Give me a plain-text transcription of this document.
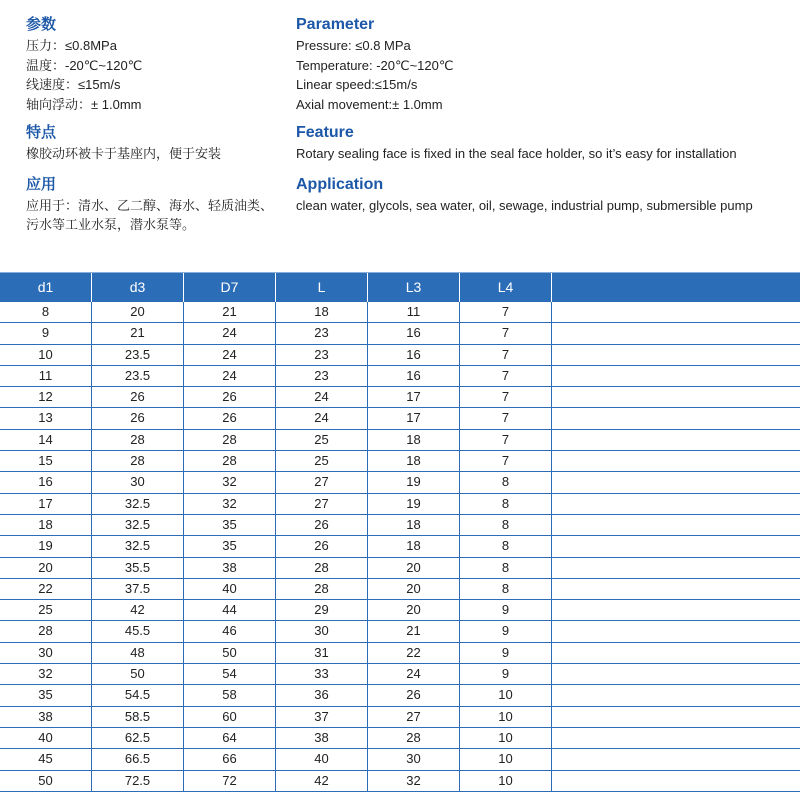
参数
压力：≤0.8MPa
温度：-20℃~120℃
线速度：≤15m/s
轴向浮动：± 1.0mm
特点
橡胶动环被卡于基座内，便于安装
应用
应用于：清水、乙二醇、海水、轻质油类、
污水等工业水泵，潜水泵等。
Parameter
Pressure: ≤0.8 MPa
Temperature: -20℃~120℃
Linear speed:≤15m/s
Axial movement:± 1.0mm
Feature
Rotary sealing face is fixed in the seal face holder, so it’s easy for installation
Application
clean water, glycols, sea water, oil, sewage, industrial pump, submersible pump
d1	d3	D7	L	L3	L4
8	20	21	18	11	7
9	21	24	23	16	7
10	23.5	24	23	16	7
11	23.5	24	23	16	7
12	26	26	24	17	7
13	26	26	24	17	7
14	28	28	25	18	7
15	28	28	25	18	7
16	30	32	27	19	8
17	32.5	32	27	19	8
18	32.5	35	26	18	8
19	32.5	35	26	18	8
20	35.5	38	28	20	8
22	37.5	40	28	20	8
25	42	44	29	20	9
28	45.5	46	30	21	9
30	48	50	31	22	9
32	50	54	33	24	9
35	54.5	58	36	26	10
38	58.5	60	37	27	10
40	62.5	64	38	28	10
45	66.5	66	40	30	10
50	72.5	72	42	32	10
